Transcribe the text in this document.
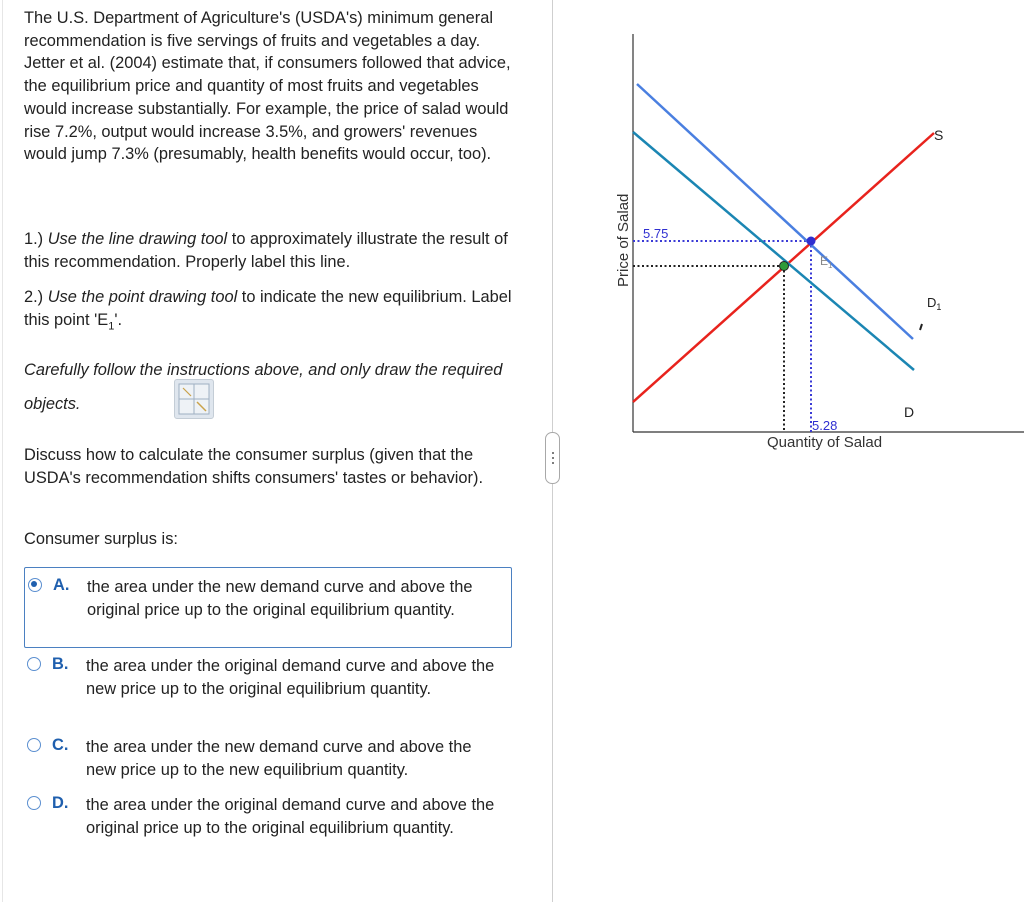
The U.S. Department of Agriculture's (USDA's) minimum general recommendation is five servings of fruits and vegetables a day. Jetter et al. (2004) estimate that, if consumers followed that advice, the equilibrium price and quantity of most fruits and vegetables would increase substantially. For example, the price of salad would rise 7.2%, output would increase 3.5%, and growers' revenues would jump 7.3% (presumably, health benefits would occur, too).
1.) Use the line drawing tool to approximately illustrate the result of this recommendation. Properly label this line.
2.) Use the point drawing tool to indicate the new equilibrium. Label this point '$E_1$'.
Carefully follow the instructions above, and only draw the required objects.
Discuss how to calculate the consumer surplus (given that the USDA's recommendation shifts consumers' tastes or behavior).
Consumer surplus is:
A. the area under the new demand curve and above the original price up to the original equilibrium quantity.
B. the area under the original demand curve and above the new price up to the original equilibrium quantity.
C. the area under the new demand curve and above the new price up to the new equilibrium quantity.
D. the area under the original demand curve and above the original price up to the original equilibrium quantity.
5.75
5.28
Quantity of Salad
Price of Salad
S
D
$D_1$
$E_1$
